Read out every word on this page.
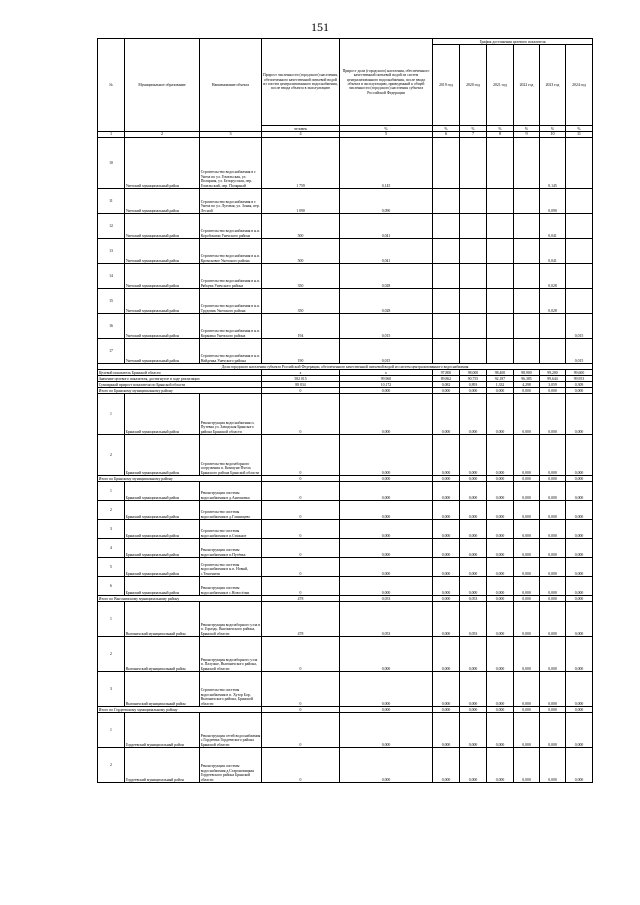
151
№	Муниципальное образование	Наименование объекта	Прирост численности (городского) населения, обеспеченного качественной питьевой водой из систем централизованного водоснабжения, после ввода объекта в эксплуатацию	Прирост доли (городского) населения, обеспеченного качественной питьевой водой из систем централизованного водоснабжения, после ввода объекта в эксплуатацию, приведенный к общей численности (городского) населения субъекта Российской Федерации	График достижения целевого показателя					
					2019 год	2020 год	2021 год	2022 год	2023 год	2024 год
			человек	%	%	%	%	%	%	%
1	2	3	4	5	6	7	8	9	10	11
10	Унечский муниципальный район	Строительство водоснабжения в г. Унеча по ул. Гомельская, ул. Полярная, ул. Белорусская, пер. Гомельский, пер. Полярный	1 759	0,145					0,145	
11	Унечский муниципальный район	Строительство водоснабжения в г. Унеча по ул. Луговая, ул. Зоная, пер. Лесной	1 090	0,090					0,090	
12	Унечский муниципальный район	Строительство водоснабжения в н.п. Коробоничи Унечского района	500	0,041					0,041	
13	Унечский муниципальный район	Строительство водоснабжения в н.п. Кромсковое Унечского района	500	0,041					0,041	
14	Унечский муниципальный район	Строительство водоснабжения в н.п. Рябцева Унечского района	350	0,028					0,028	
15	Унечский муниципальный район	Строительство водоснабжения в н.п. Трудовик Унечского района	350	0,028					0,028	
16	Унечский муниципальный район	Строительство водоснабжения в н.п. Корковка Унечского района	194	0,015						0,015
17	Унечский муниципальный район	Строительство водоснабжения в н.п. Найденка Унечского района	190	0,015						0,015
Доля городского населения субъекта Российской Федерации, обеспеченного качественной питьевой водой из систем централизованного водоснабжения										
Целевой показатель Брянской области			х	х	97,800	98,000	98,400	98,900	99,200	99,600
Значение целевого показателя, достигнутое в ходе реализации			582 015	99,960	89,862	90,755	92,187	96,385	99,644	99,953
Суммарный прирост показателя по Брянской области			88 834	10,172	0,082	0,893	1,332	4,298	3,059	0,309
Итого по Брянскому муниципальному району			0	0,000	0,000	0,000	0,000	0,000	0,000	0,000
1	Брянский муниципальный район	Реконструкция водоснабжения п. Путевка ул. Заводская Брянского района Брянской области	0	0,000	0,000	0,000	0,000	0,000	0,000	0,000
2	Брянский муниципальный район	Строительство водозаборного сооружения п. Коммуна-Пчела Брянского района Брянской области	0	0,000	0,000	0,000	0,000	0,000	0,000	0,000
Итого по Брянскому муниципальному району			0	0,000	0,000	0,000	0,000	0,000	0,000	0,000
1	Брянский муниципальный район	Реконструкция системы водоснабжения в д.Антоновка	0	0,000	0,000	0,000	0,000	0,000	0,000	0,000
2	Брянский муниципальный район	Строительство системы водоснабжения в д.Глинищево	0	0,000	0,000	0,000	0,000	0,000	0,000	0,000
3	Брянский муниципальный район	Строительство системы водоснабжения в п.Стяжное	0	0,000	0,000	0,000	0,000	0,000	0,000	0,000
4	Брянский муниципальный район	Реконструкция системы водоснабжения в п.Путёвка	0	0,000	0,000	0,000	0,000	0,000	0,000	0,000
5	Брянский муниципальный район	Строительство системы водоснабжения в н.п. Новый, с.Тешеничи	0	0,000	0,000	0,000	0,000	0,000	0,000	0,000
6	Брянский муниципальный район	Реконструкция системы водоснабжения в с.Новосёлки	0	0,000	0,000	0,000	0,000	0,000	0,000	0,000
Итого по Выгоничскому муниципальному району			478	0,053	0,000	0,053	0,000	0,000	0,000	0,000
1	Выгоничский муниципальный район	Реконструкция водозаборного узла в п. Гораздь, Выгоничского района, Брянской области	478	0,053	0,000	0,053	0,000	0,000	0,000	0,000
2	Выгоничский муниципальный район	Реконструкция водозаборного узла п. Палужье, Выгоничского района, Брянской области	0	0,000	0,000	0,000	0,000	0,000	0,000	0,000
3	Выгоничский муниципальный район	Строительство системы водоснабжения в п. Хутор Бор, Выгоничского района, Брянской области	0	0,000	0,000	0,000	0,000	0,000	0,000	0,000
Итого по Гордеевскому муниципальному району			0	0,000	0,000	0,000	0,000	0,000	0,000	0,000
1	Гордеевский муниципальный район	Реконструкция сетей водоснабжения с.Гордеевка Гордеевского района Брянской области	0	0,000	0,000	0,000	0,000	0,000	0,000	0,000
2	Гордеевский муниципальный район	Реконструкция системы водоснабжения д.Староновицкая Гордеевского района Брянской области	0	0,000	0,000	0,000	0,000	0,000	0,000	0,000
